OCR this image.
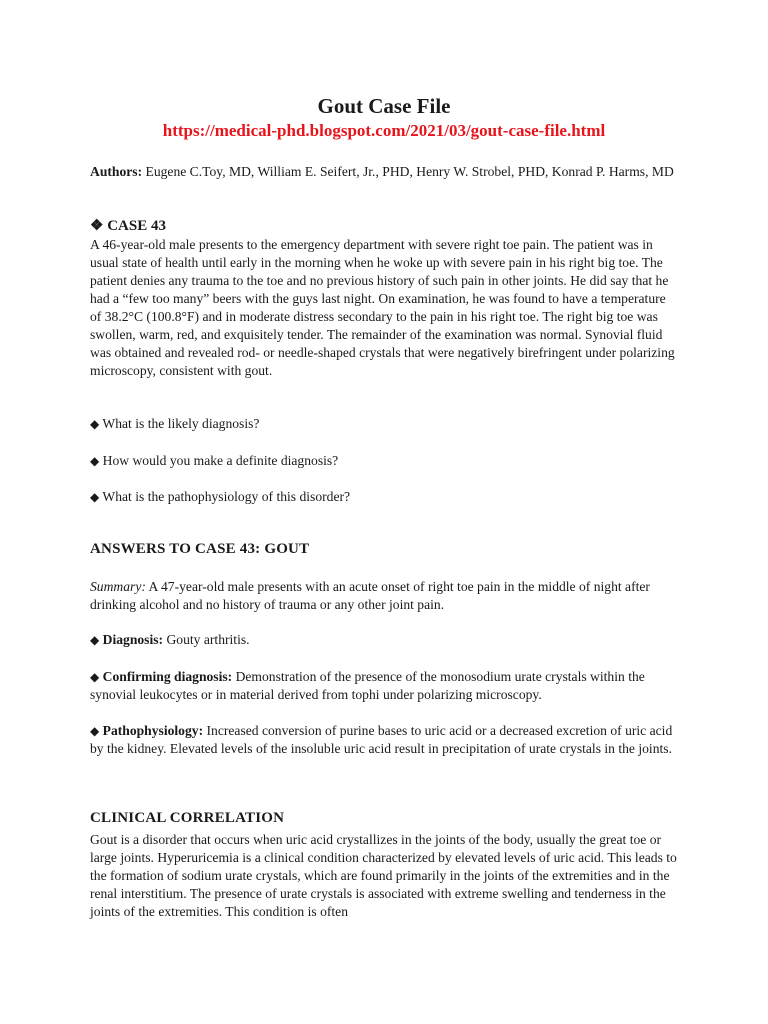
Gout Case File

https://medical-phd.blogspot.com/2021/03/gout-case-file.html

Authors: Eugene C.Toy, MD, William E. Seifert, Jr., PHD, Henry W. Strobel, PHD, Konrad P. Harms, MD

❖ CASE 43

A 46-year-old male presents to the emergency department with severe right toe pain. The patient was in usual state of health until early in the morning when he woke up with severe pain in his right big toe. The patient denies any trauma to the toe and no previous history of such pain in other joints. He did say that he had a “few too many” beers with the guys last night. On examination, he was found to have a temperature of 38.2°C (100.8°F) and in moderate distress secondary to the pain in his right toe. The right big toe was swollen, warm, red, and exquisitely tender. The remainder of the examination was normal. Synovial fluid was obtained and revealed rod- or needle-shaped crystals that were negatively birefringent under polarizing microscopy, consistent with gout.

◆ What is the likely diagnosis?

◆ How would you make a definite diagnosis?

◆ What is the pathophysiology of this disorder?

ANSWERS TO CASE 43: GOUT

Summary: A 47-year-old male presents with an acute onset of right toe pain in the middle of night after drinking alcohol and no history of trauma or any other joint pain.

◆ Diagnosis: Gouty arthritis.

◆ Confirming diagnosis: Demonstration of the presence of the monosodium urate crystals within the synovial leukocytes or in material derived from tophi under polarizing microscopy.

◆ Pathophysiology: Increased conversion of purine bases to uric acid or a decreased excretion of uric acid by the kidney. Elevated levels of the insoluble uric acid result in precipitation of urate crystals in the joints.

CLINICAL CORRELATION

Gout is a disorder that occurs when uric acid crystallizes in the joints of the body, usually the great toe or large joints. Hyperuricemia is a clinical condition characterized by elevated levels of uric acid. This leads to the formation of sodium urate crystals, which are found primarily in the joints of the extremities and in the renal interstitium. The presence of urate crystals is associated with extreme swelling and tenderness in the joints of the extremities. This condition is often
